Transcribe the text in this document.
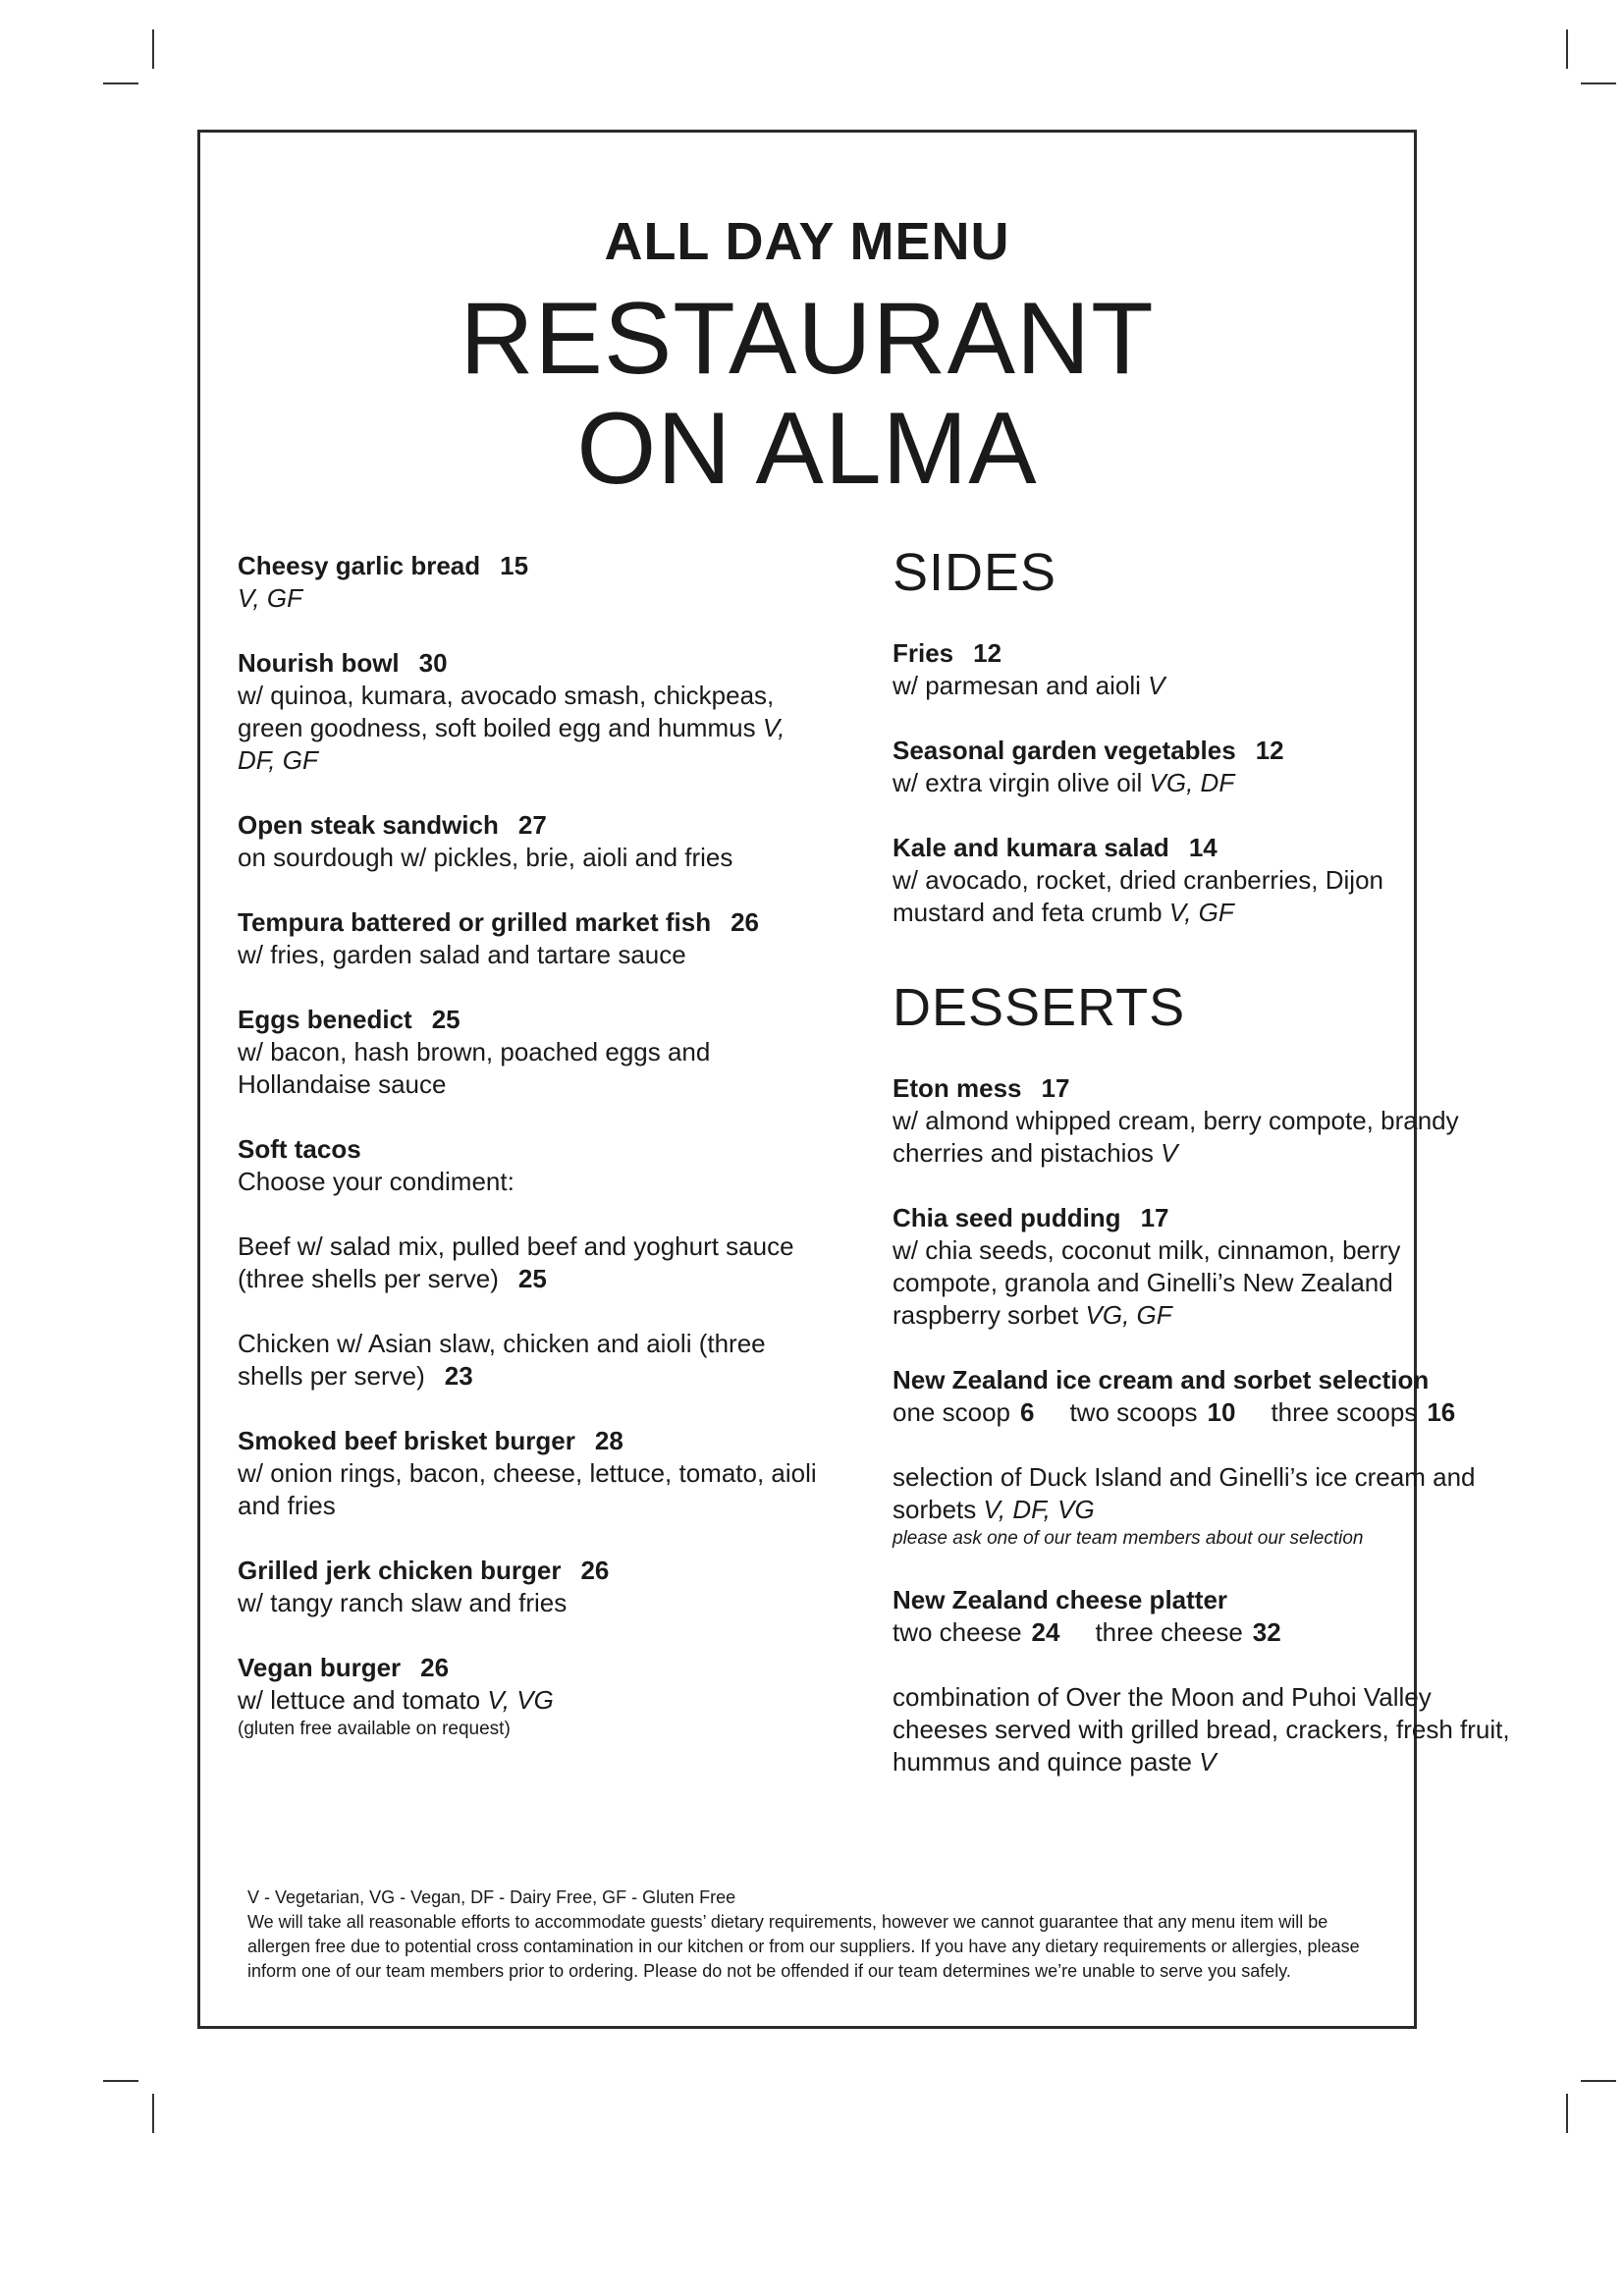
ALL DAY MENU
RESTAURANT
ON ALMA
Cheesy garlic bread 15
V, GF
Nourish bowl 30
w/ quinoa, kumara, avocado smash, chickpeas, green goodness, soft boiled egg and hummus V, DF, GF
Open steak sandwich 27
on sourdough w/ pickles, brie, aioli and fries
Tempura battered or grilled market fish 26
w/ fries, garden salad and tartare sauce
Eggs benedict 25
w/ bacon, hash brown, poached eggs and Hollandaise sauce
Soft tacos
Choose your condiment:
Beef w/ salad mix, pulled beef and yoghurt sauce (three shells per serve) 25
Chicken w/ Asian slaw, chicken and aioli (three shells per serve) 23
Smoked beef brisket burger 28
w/ onion rings, bacon, cheese, lettuce, tomato, aioli and fries
Grilled jerk chicken burger 26
w/ tangy ranch slaw and fries
Vegan burger 26
w/ lettuce and tomato V, VG
(gluten free available on request)
SIDES
Fries 12
w/ parmesan and aioli V
Seasonal garden vegetables 12
w/ extra virgin olive oil VG, DF
Kale and kumara salad 14
w/ avocado, rocket, dried cranberries, Dijon mustard and feta crumb V, GF
DESSERTS
Eton mess 17
w/ almond whipped cream, berry compote, brandy cherries and pistachios V
Chia seed pudding 17
w/ chia seeds, coconut milk, cinnamon, berry compote, granola and Ginelli’s New Zealand raspberry sorbet VG, GF
New Zealand ice cream and sorbet selection
one scoop 6 two scoops 10 three scoops 16
selection of Duck Island and Ginelli’s ice cream and sorbets V, DF, VG
please ask one of our team members about our selection
New Zealand cheese platter
two cheese 24 three cheese 32
combination of Over the Moon and Puhoi Valley cheeses served with grilled bread, crackers, fresh fruit, hummus and quince paste V
V - Vegetarian, VG - Vegan, DF - Dairy Free, GF - Gluten Free
We will take all reasonable efforts to accommodate guests’ dietary requirements, however we cannot guarantee that any menu item will be allergen free due to potential cross contamination in our kitchen or from our suppliers. If you have any dietary requirements or allergies, please inform one of our team members prior to ordering. Please do not be offended if our team determines we’re unable to serve you safely.
